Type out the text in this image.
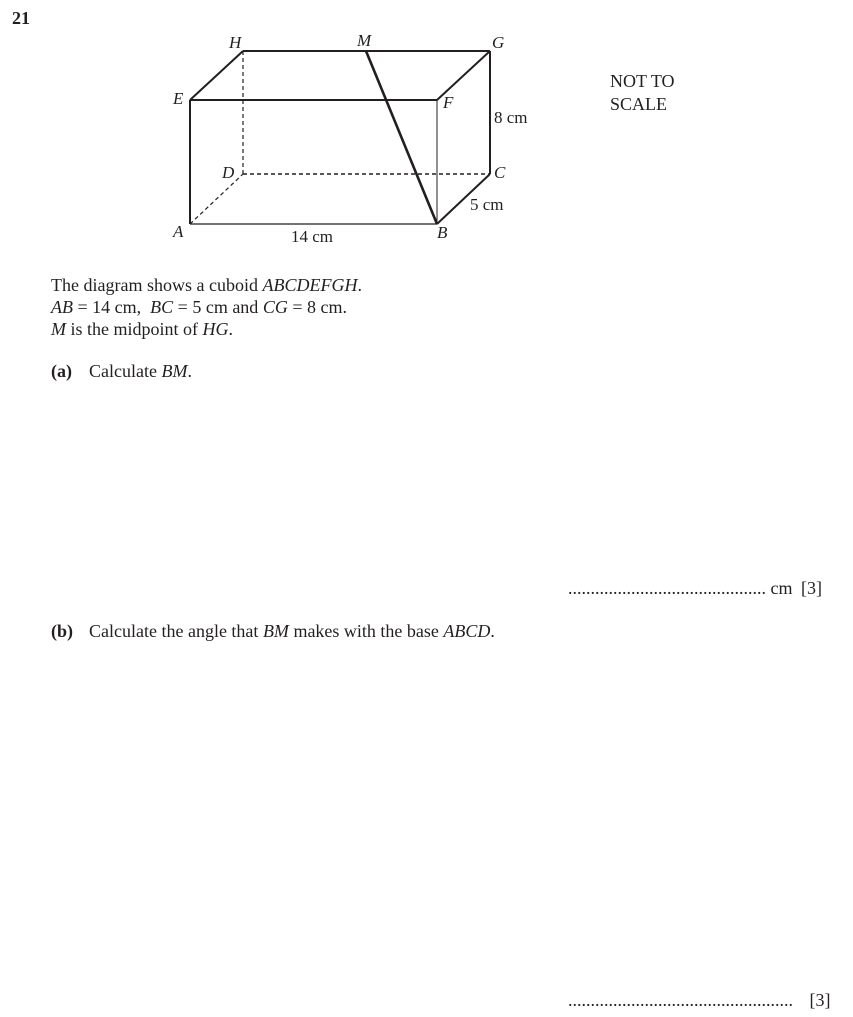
21
H	M	G
E	F
D	C
A	B
8 cm
5 cm
14 cm
NOT TO
SCALE
The diagram shows a cuboid ABCDEFGH.
AB = 14 cm,  BC = 5 cm and CG = 8 cm.
M is the midpoint of HG.
(a) Calculate BM.
............................................ cm [3]
(b) Calculate the angle that BM makes with the base ABCD.
.................................................. [3]
